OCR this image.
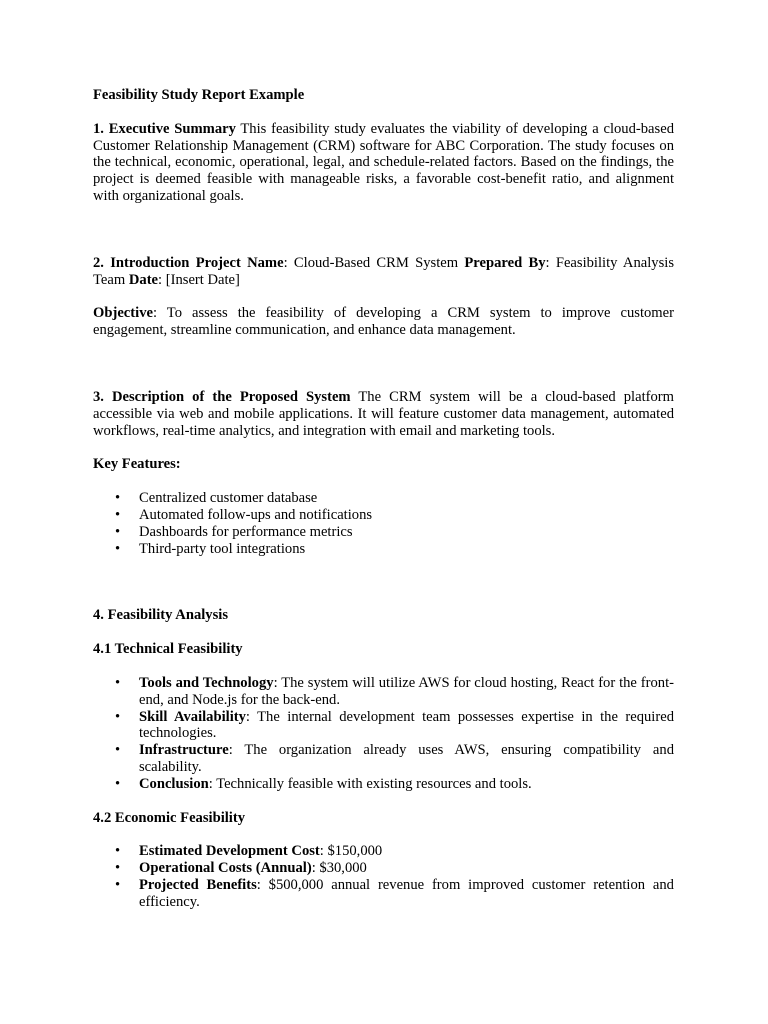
Feasibility Study Report Example

1. Executive Summary This feasibility study evaluates the viability of developing a cloud-based Customer Relationship Management (CRM) software for ABC Corporation. The study focuses on the technical, economic, operational, legal, and schedule-related factors. Based on the findings, the project is deemed feasible with manageable risks, a favorable cost-benefit ratio, and alignment with organizational goals.

2. Introduction Project Name: Cloud-Based CRM System Prepared By: Feasibility Analysis Team Date: [Insert Date]

Objective: To assess the feasibility of developing a CRM system to improve customer engagement, streamline communication, and enhance data management.

3. Description of the Proposed System The CRM system will be a cloud-based platform accessible via web and mobile applications. It will feature customer data management, automated workflows, real-time analytics, and integration with email and marketing tools.

Key Features:

• Centralized customer database
• Automated follow-ups and notifications
• Dashboards for performance metrics
• Third-party tool integrations

4. Feasibility Analysis

4.1 Technical Feasibility

• Tools and Technology: The system will utilize AWS for cloud hosting, React for the front-end, and Node.js for the back-end.
• Skill Availability: The internal development team possesses expertise in the required technologies.
• Infrastructure: The organization already uses AWS, ensuring compatibility and scalability.
• Conclusion: Technically feasible with existing resources and tools.

4.2 Economic Feasibility

• Estimated Development Cost: $150,000
• Operational Costs (Annual): $30,000
• Projected Benefits: $500,000 annual revenue from improved customer retention and efficiency.
